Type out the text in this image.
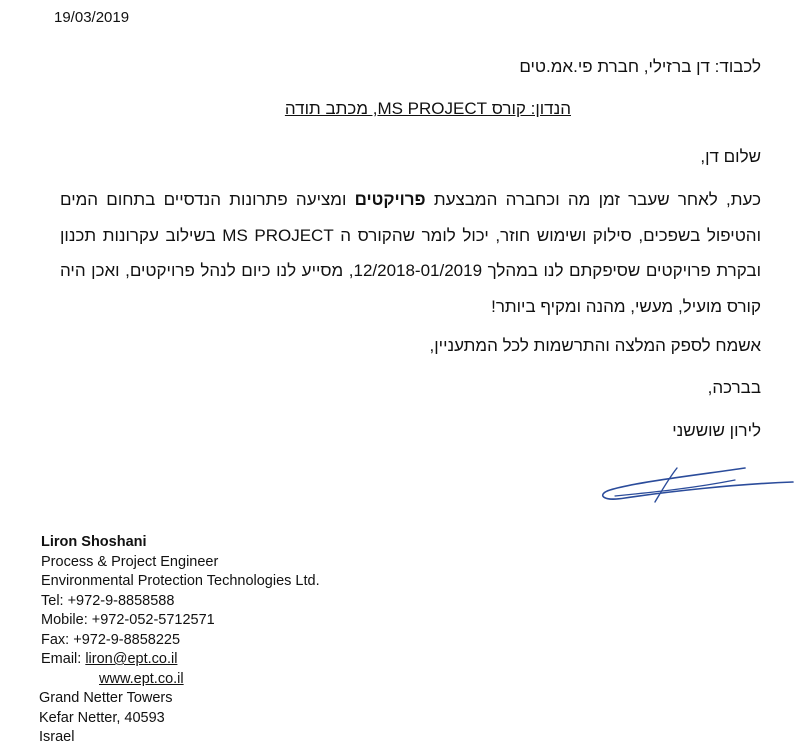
19/03/2019
לכבוד: דן ברזילי, חברת פי.אמ.טים
הנדון: קורס MS PROJECT, מכתב תודה
שלום דן,
כעת, לאחר שעבר זמן מה וכחברה המבצעת פרויקטים ומציעה פתרונות הנדסיים בתחום המים והטיפול בשפכים, סילוק ושימוש חוזר, יכול לומר שהקורס ה MS PROJECT בשילוב עקרונות תכנון ובקרת פרויקטים שסיפקתם לנו במהלך 12/2018-01/2019, מסייע לנו כיום לנהל פרויקטים, ואכן היה קורס מועיל, מעשי, מהנה ומקיף ביותר!
אשמח לספק המלצה והתרשמות לכל המתעניין,
בברכה,
לירון שוששני
Liron Shoshani
Process & Project Engineer
Environmental Protection Technologies Ltd.
Tel: +972-9-8858588
Mobile: +972-052-5712571
Fax: +972-9-8858225
Email: liron@ept.co.il
www.ept.co.il
Grand Netter Towers
Kefar Netter, 40593
Israel
